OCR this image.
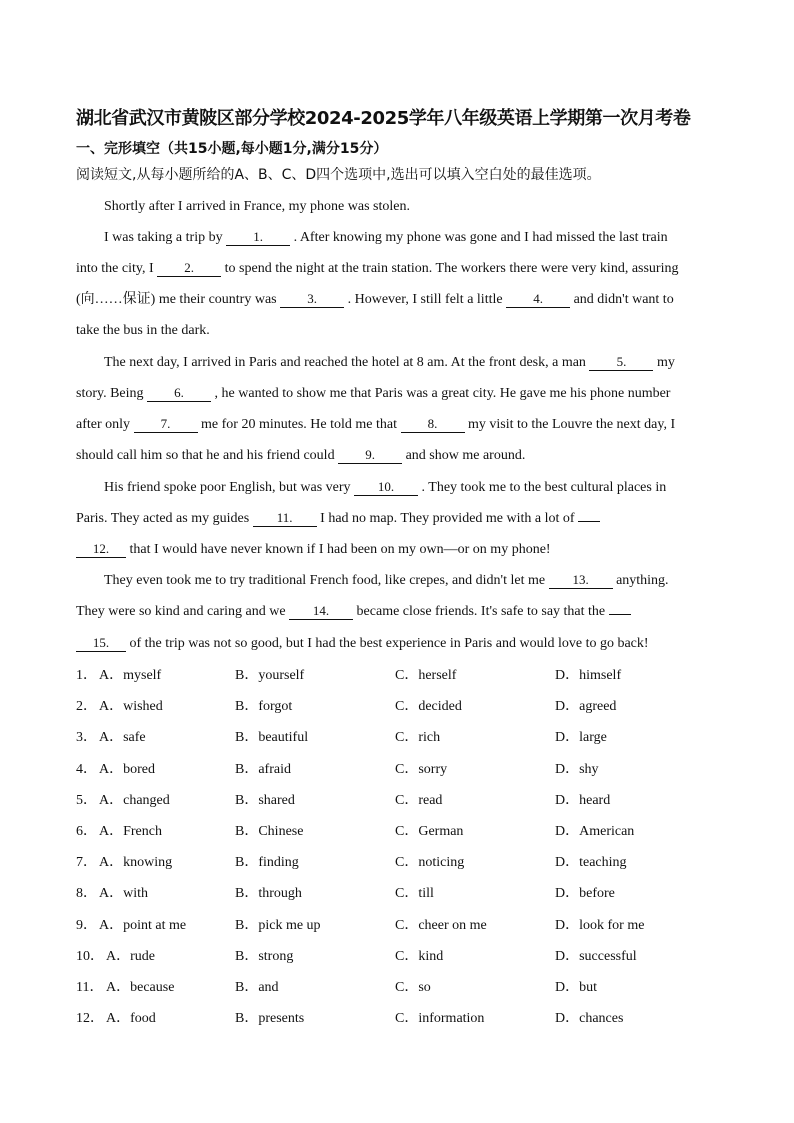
湖北省武汉市黄陂区部分学校2024-2025学年八年级英语上学期第一次月考卷
一、完形填空（共15小题,每小题1分,满分15分）
阅读短文,从每小题所给的A、B、C、D四个选项中,选出可以填入空白处的最佳选项。
Shortly after I arrived in France, my phone was stolen.
I was taking a trip by 1. . After knowing my phone was gone and I had missed the last train
into the city, I 2. to spend the night at the train station. The workers there were very kind, assuring
(向……保证) me their country was 3. . However, I still felt a little 4. and didn't want to
take the bus in the dark.
The next day, I arrived in Paris and reached the hotel at 8 am. At the front desk, a man 5. my
story. Being 6. , he wanted to show me that Paris was a great city. He gave me his phone number
after only 7. me for 20 minutes. He told me that 8. my visit to the Louvre the next day, I
should call him so that he and his friend could 9. and show me around.
His friend spoke poor English, but was very 10. . They took me to the best cultural places in
Paris. They acted as my guides 11. I had no map. They provided me with a lot of
12. that I would have never known if I had been on my own—or on my phone!
They even took me to try traditional French food, like crepes, and didn't let me 13. anything.
They were so kind and caring and we 14. became close friends. It's safe to say that the
15. of the trip was not so good, but I had the best experience in Paris and would love to go back!
1． A．myself	B．yourself	C．herself	D．himself
2． A．wished	B．forgot	C．decided	D．agreed
3． A．safe	B．beautiful	C．rich	D．large
4． A．bored	B．afraid	C．sorry	D．shy
5． A．changed	B．shared	C．read	D．heard
6． A．French	B．Chinese	C．German	D．American
7． A．knowing	B．finding	C．noticing	D．teaching
8． A．with	B．through	C．till	D．before
9． A．point at me	B．pick me up	C．cheer on me	D．look for me
10． A．rude	B．strong	C．kind	D．successful
11． A．because	B．and	C．so	D．but
12． A．food	B．presents	C．information	D．chances
